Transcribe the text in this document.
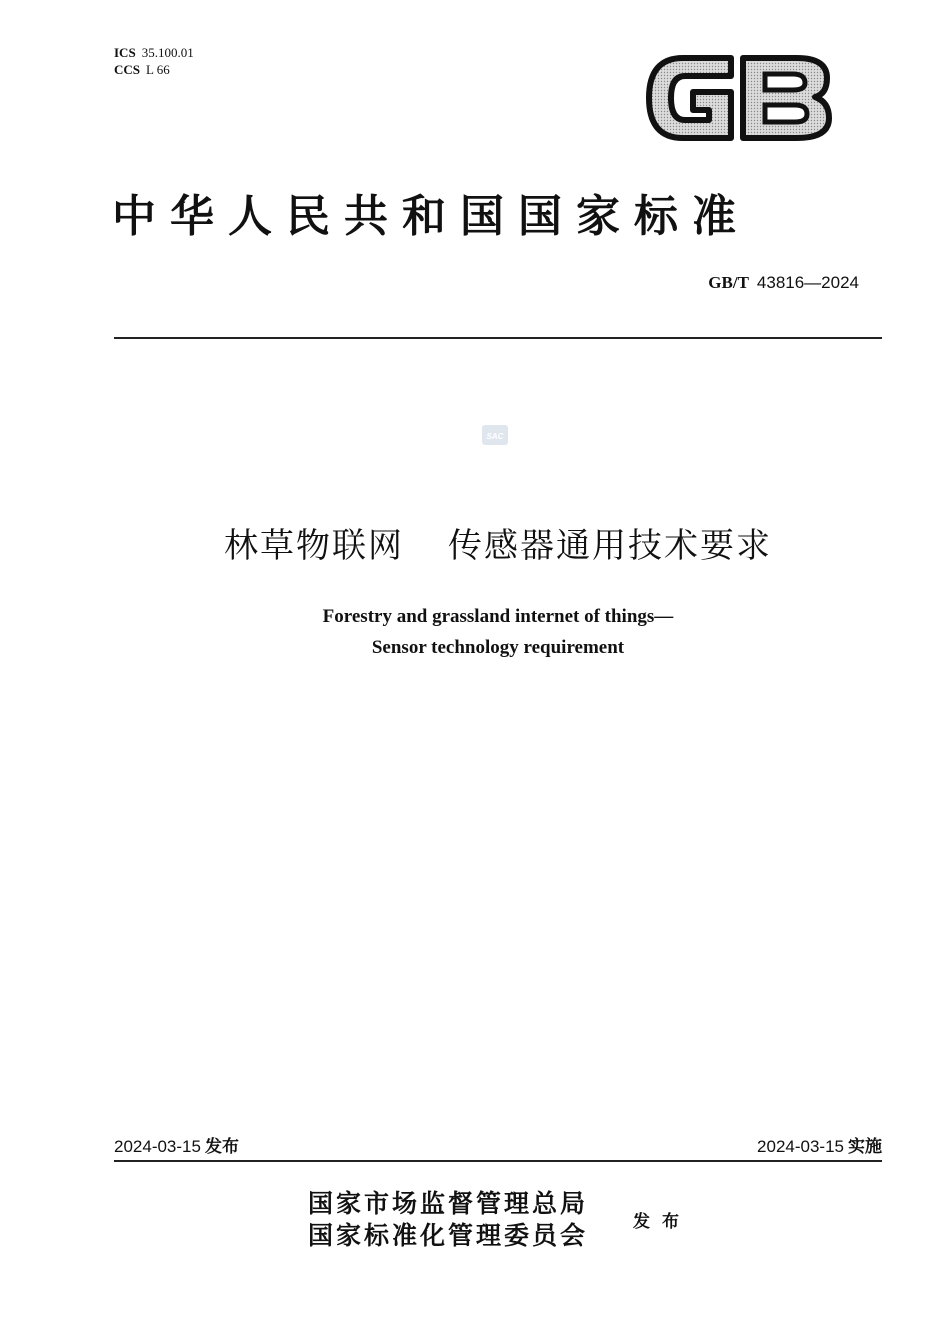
ICS 35.100.01
CCS L 66
中华人民共和国国家标准
GB/T 43816—2024
SAC
林草物联网 传感器通用技术要求
Forestry and grassland internet of things—
Sensor technology requirement
2024-03-15 发布	2024-03-15 实施
国家市场监督管理总局
国家标准化管理委员会	发布
